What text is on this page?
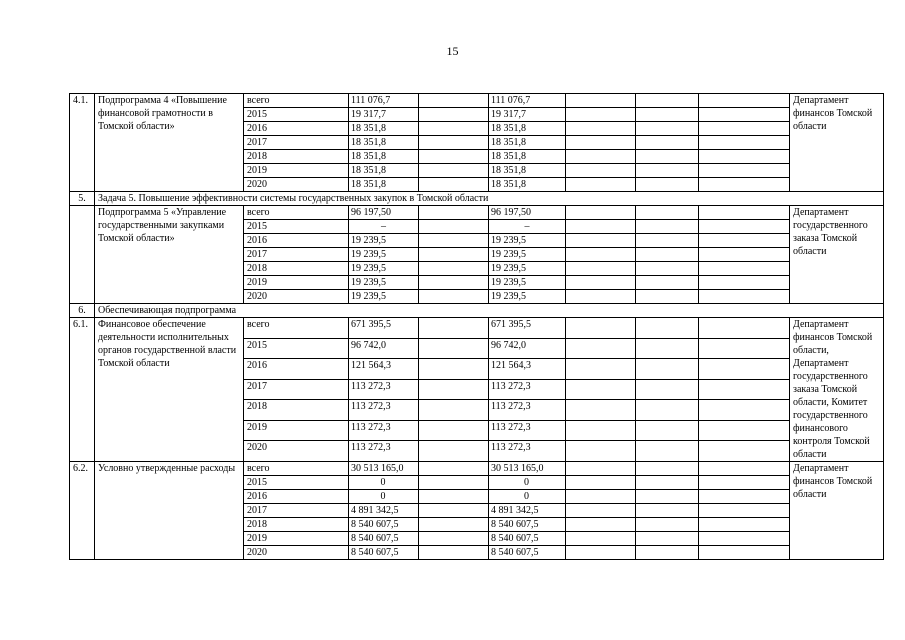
15
4.1.	Подпрограмма 4 «Повышение финансовой грамотности в Томской области»	всего	111 076,7		111 076,7				Департамент финансов Томской области
		2015	19 317,7		19 317,7				
		2016	18 351,8		18 351,8				
		2017	18 351,8		18 351,8				
		2018	18 351,8		18 351,8				
		2019	18 351,8		18 351,8				
		2020	18 351,8		18 351,8				
5.	Задача 5. Повышение эффективности системы государственных закупок в Томской области								
	Подпрограмма 5 «Управление государственными закупками Томской области»	всего	96 197,50		96 197,50				Департамент государственного заказа Томской области
		2015	–		–				
		2016	19 239,5		19 239,5				
		2017	19 239,5		19 239,5				
		2018	19 239,5		19 239,5				
		2019	19 239,5		19 239,5				
		2020	19 239,5		19 239,5				
6.	Обеспечивающая подпрограмма								
6.1.	Финансовое обеспечение деятельности исполнительных органов государственной власти Томской области	всего	671 395,5		671 395,5				Департамент финансов Томской области, Департамент государственного заказа Томской области, Комитет государственного финансового контроля Томской области
		2015	96 742,0		96 742,0				
		2016	121 564,3		121 564,3				
		2017	113 272,3		113 272,3				
		2018	113 272,3		113 272,3				
		2019	113 272,3		113 272,3				
		2020	113 272,3		113 272,3				
6.2.	Условно утвержденные расходы	всего	30 513 165,0		30 513 165,0				Департамент финансов Томской области
		2015	0		0				
		2016	0		0				
		2017	4 891 342,5		4 891 342,5				
		2018	8 540 607,5		8 540 607,5				
		2019	8 540 607,5		8 540 607,5				
		2020	8 540 607,5		8 540 607,5				
